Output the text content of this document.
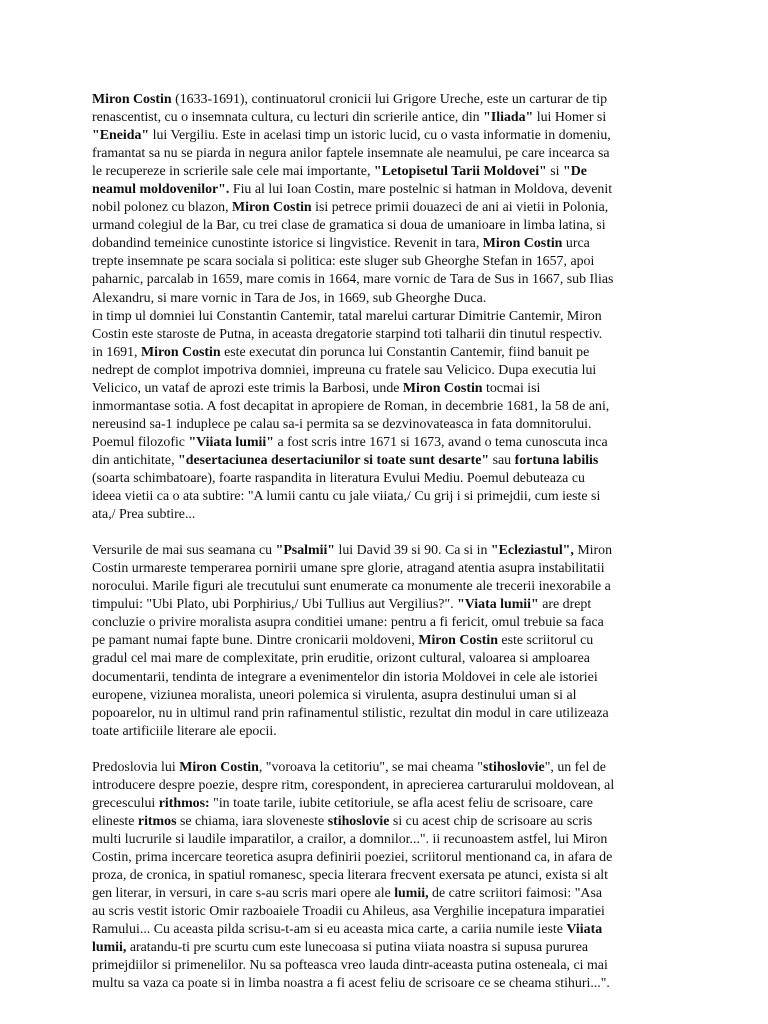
Miron Costin (1633-1691), continuatorul cronicii lui Grigore Ureche, este un carturar de tip
renascentist, cu o insemnata cultura, cu lecturi din scrierile antice, din "Iliada" lui Homer si
"Eneida" lui Vergiliu. Este in acelasi timp un istoric lucid, cu o vasta informatie in domeniu,
framantat sa nu se piarda in negura anilor faptele insemnate ale neamului, pe care incearca sa
le recupereze in scrierile sale cele mai importante, "Letopisetul Tarii Moldovei" si "De
neamul moldovenilor". Fiu al lui Ioan Costin, mare postelnic si hatman in Moldova, devenit
nobil polonez cu blazon, Miron Costin isi petrece primii douazeci de ani ai vietii in Polonia,
urmand colegiul de la Bar, cu trei clase de gramatica si doua de umanioare in limba latina, si
dobandind temeinice cunostinte istorice si lingvistice. Revenit in tara, Miron Costin urca
trepte insemnate pe scara sociala si politica: este sluger sub Gheorghe Stefan in 1657, apoi
paharnic, parcalab in 1659, mare comis in 1664, mare vornic de Tara de Sus in 1667, sub Ilias
Alexandru, si mare vornic in Tara de Jos, in 1669, sub Gheorghe Duca.
in timp ul domniei lui Constantin Cantemir, tatal marelui carturar Dimitrie Cantemir, Miron
Costin este staroste de Putna, in aceasta dregatorie starpind toti talharii din tinutul respectiv.
in 1691, Miron Costin este executat din porunca lui Constantin Cantemir, fiind banuit pe
nedrept de complot impotriva domniei, impreuna cu fratele sau Velicico. Dupa executia lui
Velicico, un vataf de aprozi este trimis la Barbosi, unde Miron Costin tocmai isi
inmormantase sotia. A fost decapitat in apropiere de Roman, in decembrie 1681, la 58 de ani,
nereusind sa-1 induplece pe calau sa-i permita sa se dezvinovateasca in fata domnitorului.
Poemul filozofic "Viiata lumii" a fost scris intre 1671 si 1673, avand o tema cunoscuta inca
din antichitate, "desertaciunea desertaciunilor si toate sunt desarte" sau fortuna labilis
(soarta schimbatoare), foarte raspandita in literatura Evului Mediu. Poemul debuteaza cu
ideea vietii ca o ata subtire: "A lumii cantu cu jale viiata,/ Cu grij i si primejdii, cum ieste si
ata,/ Prea subtire...
Versurile de mai sus seamana cu "Psalmii" lui David 39 si 90. Ca si in "Ecleziastul", Miron
Costin urmareste temperarea pornirii umane spre glorie, atragand atentia asupra instabilitatii
norocului. Marile figuri ale trecutului sunt enumerate ca monumente ale trecerii inexorabile a
timpului: "Ubi Plato, ubi Porphirius,/ Ubi Tullius aut Vergilius?". "Viata lumii" are drept
concluzie o privire moralista asupra conditiei umane: pentru a fi fericit, omul trebuie sa faca
pe pamant numai fapte bune. Dintre cronicarii moldoveni, Miron Costin este scriitorul cu
gradul cel mai mare de complexitate, prin eruditie, orizont cultural, valoarea si amploarea
documentarii, tendinta de integrare a evenimentelor din istoria Moldovei in cele ale istoriei
europene, viziunea moralista, uneori polemica si virulenta, asupra destinului uman si al
popoarelor, nu in ultimul rand prin rafinamentul stilistic, rezultat din modul in care utilizeaza
toate artificiile literare ale epocii.
Predoslovia lui Miron Costin, "voroava la cetitoriu", se mai cheama "stihoslovie", un fel de
introducere despre poezie, despre ritm, corespondent, in aprecierea carturarului moldovean, al
grecescului rithmos: "in toate tarile, iubite cetitoriule, se afla acest feliu de scrisoare, care
elineste ritmos se chiama, iara sloveneste stihoslovie si cu acest chip de scrisoare au scris
multi lucrurile si laudile imparatilor, a crailor, a domnilor...". ii recunoastem astfel, lui Miron
Costin, prima incercare teoretica asupra definirii poeziei, scriitorul mentionand ca, in afara de
proza, de cronica, in spatiul romanesc, specia literara frecvent exersata pe atunci, exista si alt
gen literar, in versuri, in care s-au scris mari opere ale lumii, de catre scriitori faimosi: "Asa
au scris vestit istoric Omir razboaiele Troadii cu Ahileus, asa Verghilie incepatura imparatiei
Ramului... Cu aceasta pilda scrisu-t-am si eu aceasta mica carte, a cariia numile ieste Viiata
lumii, aratandu-ti pre scurtu cum este lunecoasa si putina viiata noastra si supusa pururea
primejdiilor si primenelilor. Nu sa pofteasca vreo lauda dintr-aceasta putina osteneala, ci mai
multu sa vaza ca poate si in limba noastra a fi acest feliu de scrisoare ce se cheama stihuri...".
